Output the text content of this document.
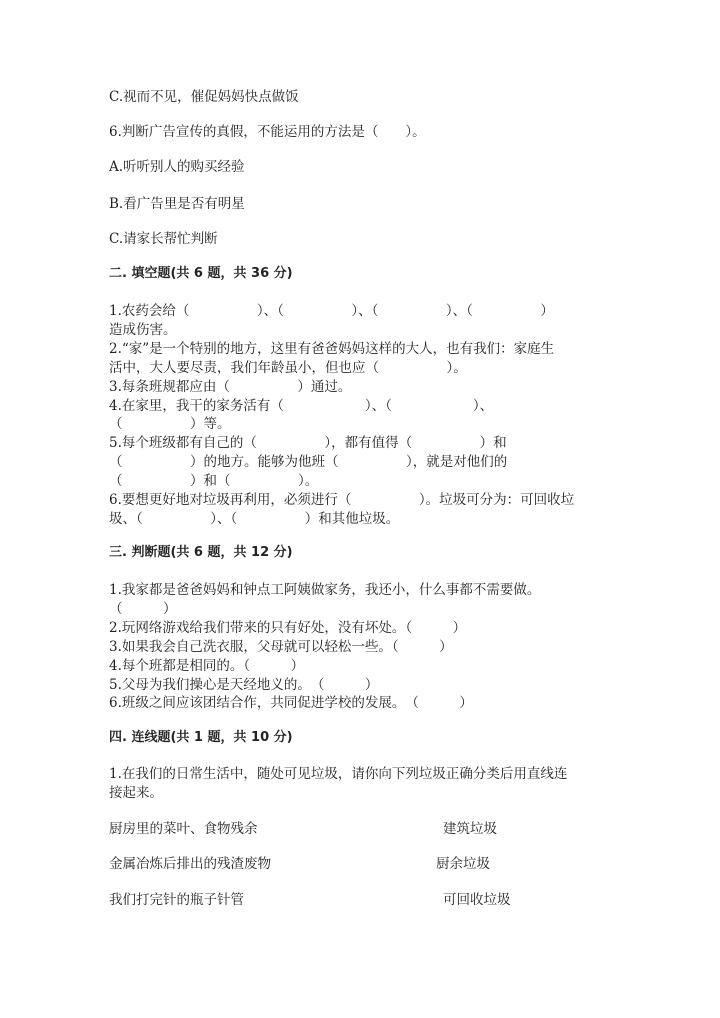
C.视而不见，催促妈妈快点做饭
6.判断广告宣传的真假，不能运用的方法是（　　）。
A.听听别人的购买经验
B.看广告里是否有明星
C.请家长帮忙判断
二. 填空题(共 6 题，共 36 分)
1.农药会给（　　　　　）、（　　　　　）、（　　　　　）、（　　　　　）
造成伤害。
2.“家”是一个特别的地方，这里有爸爸妈妈这样的大人，也有我们：家庭生
活中，大人要尽责，我们年龄虽小，但也应（　　　　　）。
3.每条班规都应由（　　　　　）通过。
4.在家里，我干的家务活有（　　　　　　）、（　　　　　　）、
（　　　　　）等。
5.每个班级都有自己的（　　　　　），都有值得（　　　　　）和
（　　　　　）的地方。能够为他班（　　　　　），就是对他们的
（　　　　　）和（　　　　　）。
6.要想更好地对垃圾再利用，必须进行（　　　　　）。垃圾可分为：可回收垃
圾、（　　　　　）、（　　　　　）和其他垃圾。
三. 判断题(共 6 题，共 12 分)
1.我家都是爸爸妈妈和钟点工阿姨做家务，我还小，什么事都不需要做。
（　　　）
2.玩网络游戏给我们带来的只有好处，没有坏处。（　　　）
3.如果我会自己洗衣服，父母就可以轻松一些。（　　　）
4.每个班都是相同的。（　　　）
5.父母为我们操心是天经地义的。　（　　　）
6.班级之间应该团结合作，共同促进学校的发展。　（　　　）
四. 连线题(共 1 题，共 10 分)
1.在我们的日常生活中，随处可见垃圾，请你向下列垃圾正确分类后用直线连
接起来。
厨房里的菜叶、食物残余	建筑垃圾
金属冶炼后排出的残渣废物	厨余垃圾
我们打完针的瓶子针管	可回收垃圾
